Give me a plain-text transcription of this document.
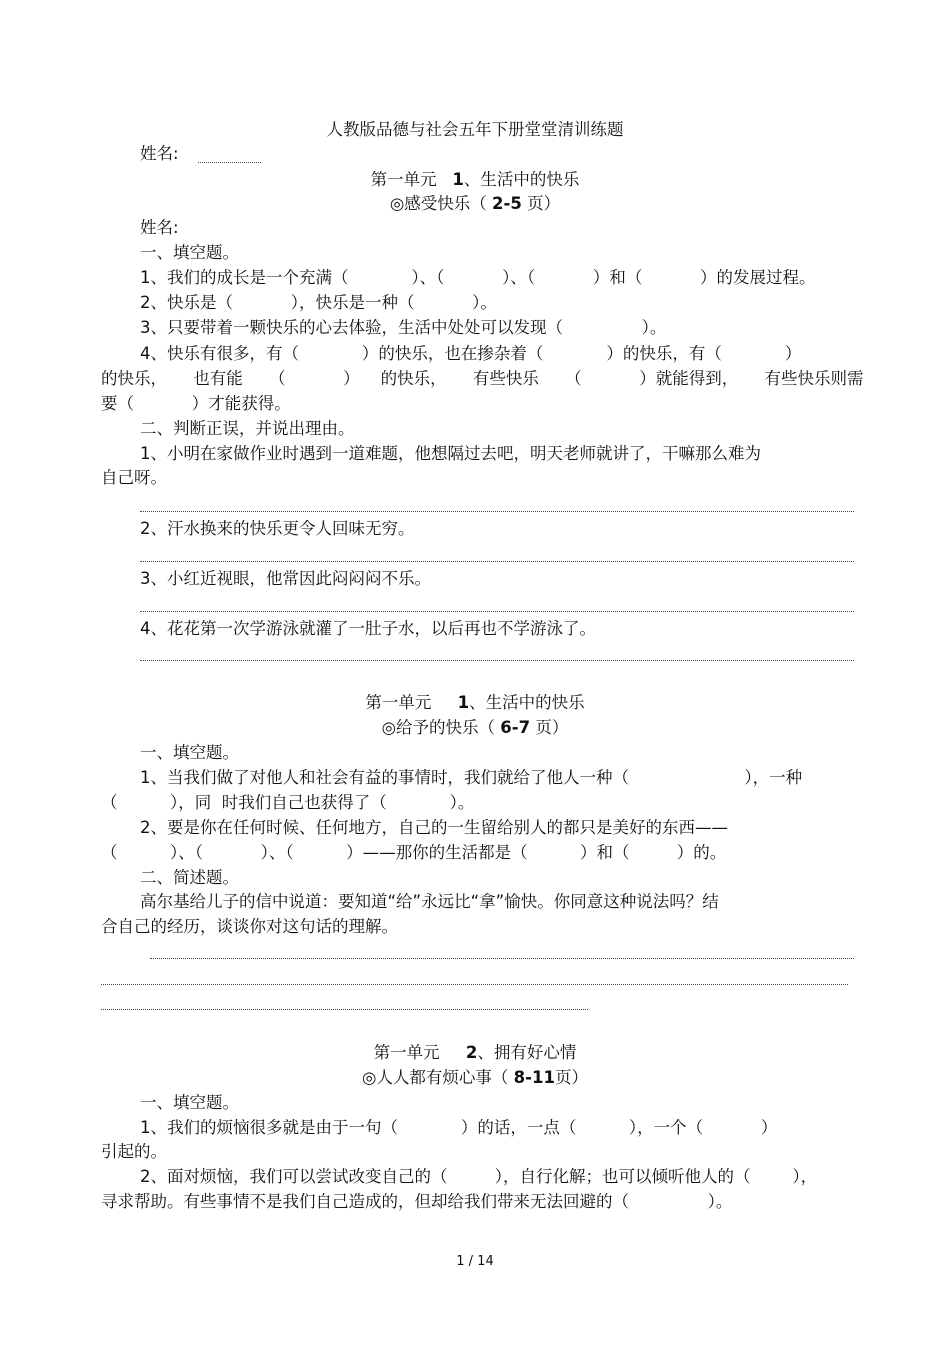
人教版品德与社会五年下册堂堂清训练题
姓名:
第一单元 1、生活中的快乐
◎感受快乐（ 2-5 页）
姓名:
一、填空题。
1、我们的成长是一个充满（            ）、（           ）、（           ）和（           ）的发展过程。
2、快乐是（           ），快乐是一种（           ）。
3、只要带着一颗快乐的心去体验，生活中处处可以发现（               ）。
4、快乐有很多，有（            ）的快乐，也在掺杂着（            ）的快乐，有（            ）
的快乐，     也有能     （           ）    的快乐，     有些快乐     （           ）就能得到，     有些快乐则需
要（           ）才能获得。
二、判断正误，并说出理由。
1、小明在家做作业时遇到一道难题，他想隔过去吧，明天老师就讲了，干嘛那么难为
自己呀。
2、汗水换来的快乐更令人回味无穷。
3、小红近视眼，他常因此闷闷闷不乐。
4、花花第一次学游泳就灌了一肚子水，以后再也不学游泳了。
第一单元 1、生活中的快乐
◎给予的快乐（ 6-7 页）
一、填空题。
1、当我们做了对他人和社会有益的事情时，我们就给了他人一种（                      ），一种
（          ），同  时我们自己也获得了（            ）。
2、要是你在任何时候、任何地方，自己的一生留给别人的都只是美好的东西——
（          ）、（           ）、（          ）——那你的生活都是（          ）和（         ）的。
二、简述题。
高尔基给儿子的信中说道：要知道“给”永远比“拿”愉快。你同意这种说法吗？结
合自己的经历，谈谈你对这句话的理解。
第一单元 2、拥有好心情
◎人人都有烦心事（ 8-11页）
一、填空题。
1、我们的烦恼很多就是由于一句（            ）的话，一点（          ），一个（           ）
引起的。
2、面对烦恼，我们可以尝试改变自己的（         ），自行化解；也可以倾听他人的（        ），
寻求帮助。有些事情不是我们自己造成的，但却给我们带来无法回避的（               ）。
1 / 14
